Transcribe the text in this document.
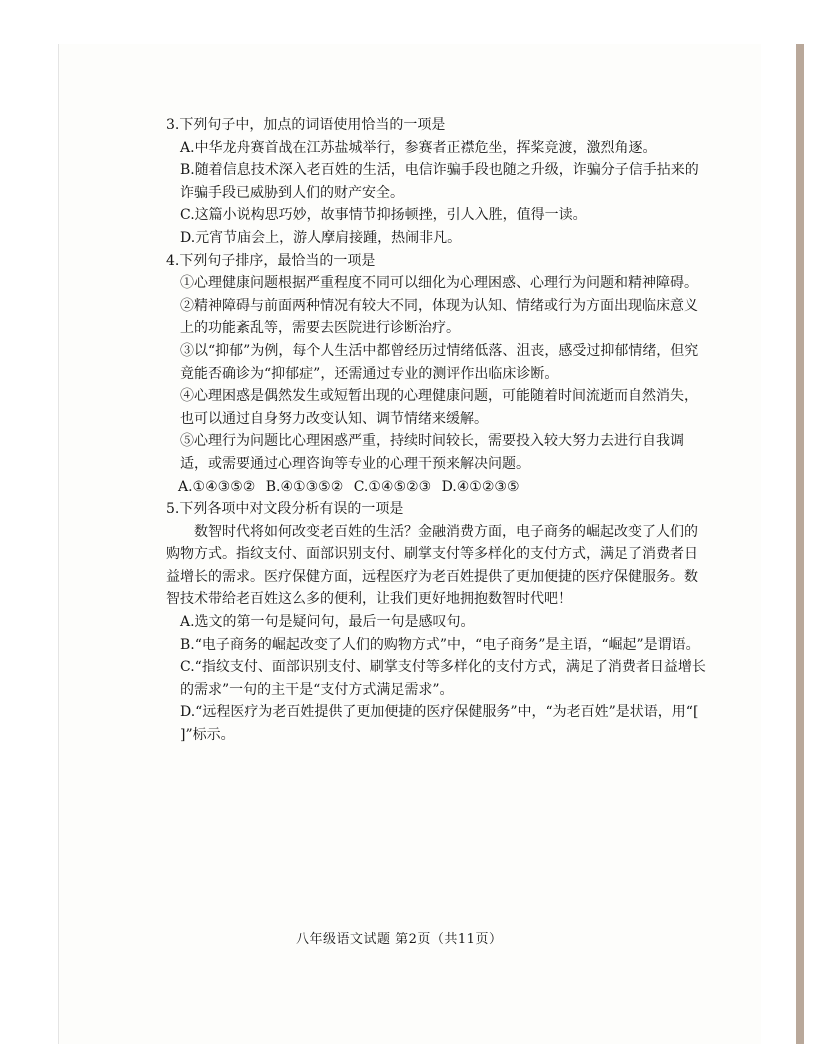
3.下列句子中，加点的词语使用恰当的一项是

A.中华龙舟赛首战在江苏盐城举行，参赛者正襟危坐，挥桨竞渡，激烈角逐。

B.随着信息技术深入老百姓的生活，电信诈骗手段也随之升级，诈骗分子信手拈来的诈骗手段已威胁到人们的财产安全。

C.这篇小说构思巧妙，故事情节抑扬顿挫，引人入胜，值得一读。

D.元宵节庙会上，游人摩肩接踵，热闹非凡。

4.下列句子排序，最恰当的一项是

①心理健康问题根据严重程度不同可以细化为心理困惑、心理行为问题和精神障碍。

②精神障碍与前面两种情况有较大不同，体现为认知、情绪或行为方面出现临床意义上的功能紊乱等，需要去医院进行诊断治疗。

③以“抑郁”为例，每个人生活中都曾经历过情绪低落、沮丧，感受过抑郁情绪，但究竟能否确诊为“抑郁症”，还需通过专业的测评作出临床诊断。

④心理困惑是偶然发生或短暂出现的心理健康问题，可能随着时间流逝而自然消失，也可以通过自身努力改变认知、调节情绪来缓解。

⑤心理行为问题比心理困惑严重，持续时间较长，需要投入较大努力去进行自我调适，或需要通过心理咨询等专业的心理干预来解决问题。

A.①④③⑤② B.④①③⑤② C.①④⑤②③ D.④①②③⑤

5.下列各项中对文段分析有误的一项是

数智时代将如何改变老百姓的生活？金融消费方面，电子商务的崛起改变了人们的购物方式。指纹支付、面部识别支付、刷掌支付等多样化的支付方式，满足了消费者日益增长的需求。医疗保健方面，远程医疗为老百姓提供了更加便捷的医疗保健服务。数智技术带给老百姓这么多的便利，让我们更好地拥抱数智时代吧！

A.选文的第一句是疑问句，最后一句是感叹句。

B.“电子商务的崛起改变了人们的购物方式”中，“电子商务”是主语，“崛起”是谓语。

C.“指纹支付、面部识别支付、刷掌支付等多样化的支付方式，满足了消费者日益增长的需求”一句的主干是“支付方式满足需求”。

D.“远程医疗为老百姓提供了更加便捷的医疗保健服务”中，“为老百姓”是状语，用“[ ]”标示。

八年级语文试题 第2页（共11页）
